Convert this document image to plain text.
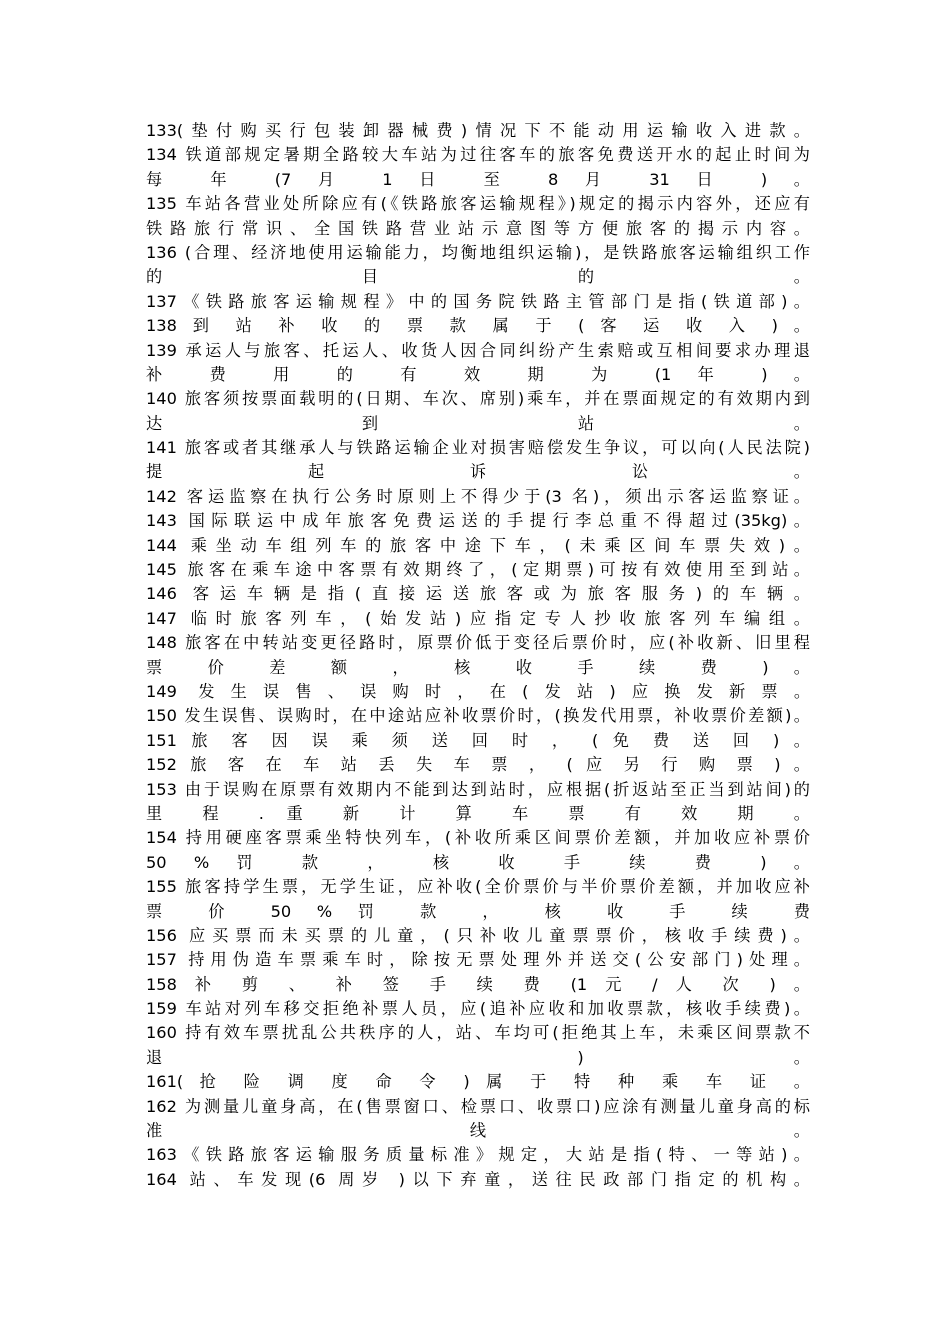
133(垫付购买行包装卸器械费)情况下不能动用运输收入进款。
134 铁道部规定暑期全路较大车站为过往客车的旅客免费送开水的起止时间为
每 年 (7 月 1 日 至 8 月 31 日 ) 。
135 车站各营业处所除应有(《铁路旅客运输规程》)规定的揭示内容外，还应有
铁路旅行常识、全国铁路营业站示意图等方便旅客的揭示内容。
136 (合理、经济地使用运输能力，均衡地组织运输)，是铁路旅客运输组织工作
的 目 的 。
137《铁路旅客运输规程》中的国务院铁路主管部门是指(铁道部)。
138 到 站 补 收 的 票 款 属 于 ( 客 运 收 入 ) 。
139 承运人与旅客、托运人、收货人因合同纠纷产生索赔或互相间要求办理退
补 费 用 的 有 效 期 为 (1 年 ) 。
140 旅客须按票面载明的(日期、车次、席别)乘车，并在票面规定的有效期内到
达 到 站 。
141 旅客或者其继承人与铁路运输企业对损害赔偿发生争议，可以向(人民法院)
提 起 诉 讼 。
142 客运监察在执行公务时原则上不得少于(3 名)，须出示客运监察证。
143 国际联运中成年旅客免费运送的手提行李总重不得超过(35kg)。
144 乘坐动车组列车的旅客中途下车，(未乘区间车票失效)。
145 旅客在乘车途中客票有效期终了，(定期票)可按有效使用至到站。
146 客运车辆是指(直接运送旅客或为旅客服务)的车辆。
147 临时旅客列车，(始发站)应指定专人抄收旅客列车编组。
148 旅客在中转站变更径路时，原票价低于变径后票价时，应(补收新、旧里程
票 价 差 额 ， 核 收 手 续 费 ) 。
149 发生误售、误购时，在(发站)应换发新票。
150 发生误售、误购时，在中途站应补收票价时，(换发代用票，补收票价差额)。
151 旅 客 因 误 乘 须 送 回 时 ， ( 免 费 送 回 ) 。
152 旅 客 在 车 站 丢 失 车 票 ， ( 应 另 行 购 票 ) 。
153 由于误购在原票有效期内不能到达到站时，应根据(折返站至正当到站间)的
里 程 . 重 新 计 算 车 票 有 效 期 。
154 持用硬座客票乘坐特快列车，(补收所乘区间票价差额，并加收应补票价
50 % 罚 款 ， 核 收 手 续 费 ) 。
155 旅客持学生票，无学生证，应补收(全价票价与半价票价差额，并加收应补
票 价 50 % 罚 款 ， 核 收 手 续 费
156 应买票而未买票的儿童，(只补收儿童票票价，核收手续费)。
157 持用伪造车票乘车时，除按无票处理外并送交(公安部门)处理。
158 补 剪 、 补 签 手 续 费 (1 元 / 人 次 ) 。
159 车站对列车移交拒绝补票人员，应(追补应收和加收票款，核收手续费)。
160 持有效车票扰乱公共秩序的人，站、车均可(拒绝其上车，未乘区间票款不
退 ) 。
161( 抢 险 调 度 命 令 ) 属 于 特 种 乘 车 证 。
162 为测量儿童身高，在(售票窗口、检票口、收票口)应涂有测量儿童身高的标
准 线 。
163《铁路旅客运输服务质量标准》规定，大站是指(特、一等站)。
164 站、车发现(6 周岁 )以下弃童，送往民政部门指定的机构。
